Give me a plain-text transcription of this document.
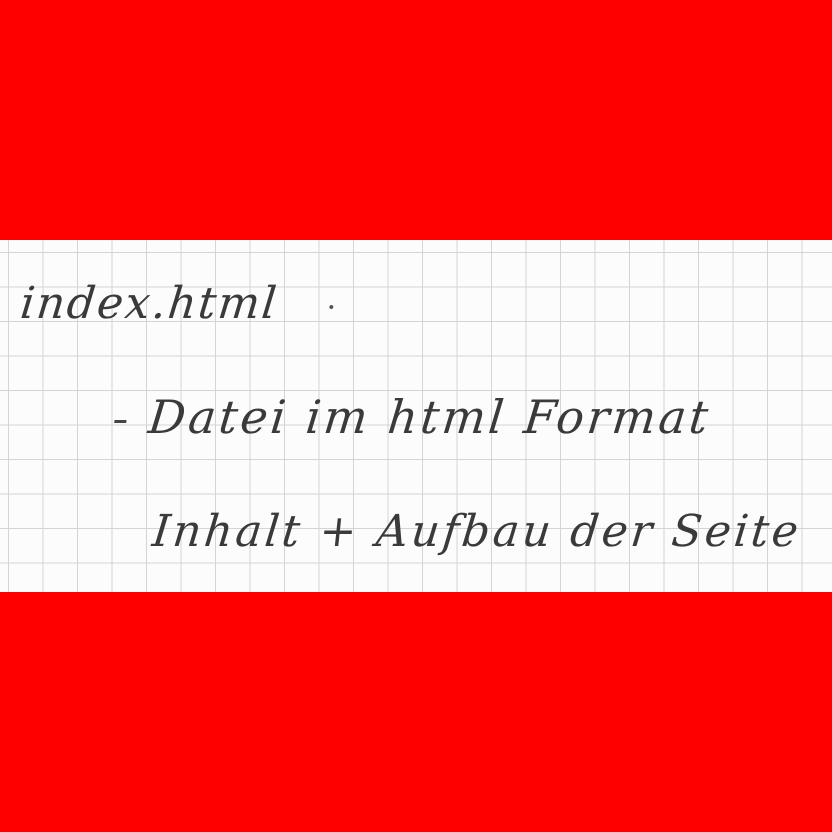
index.html

Datei im html Format

Inhalt + Aufbau der Seite
